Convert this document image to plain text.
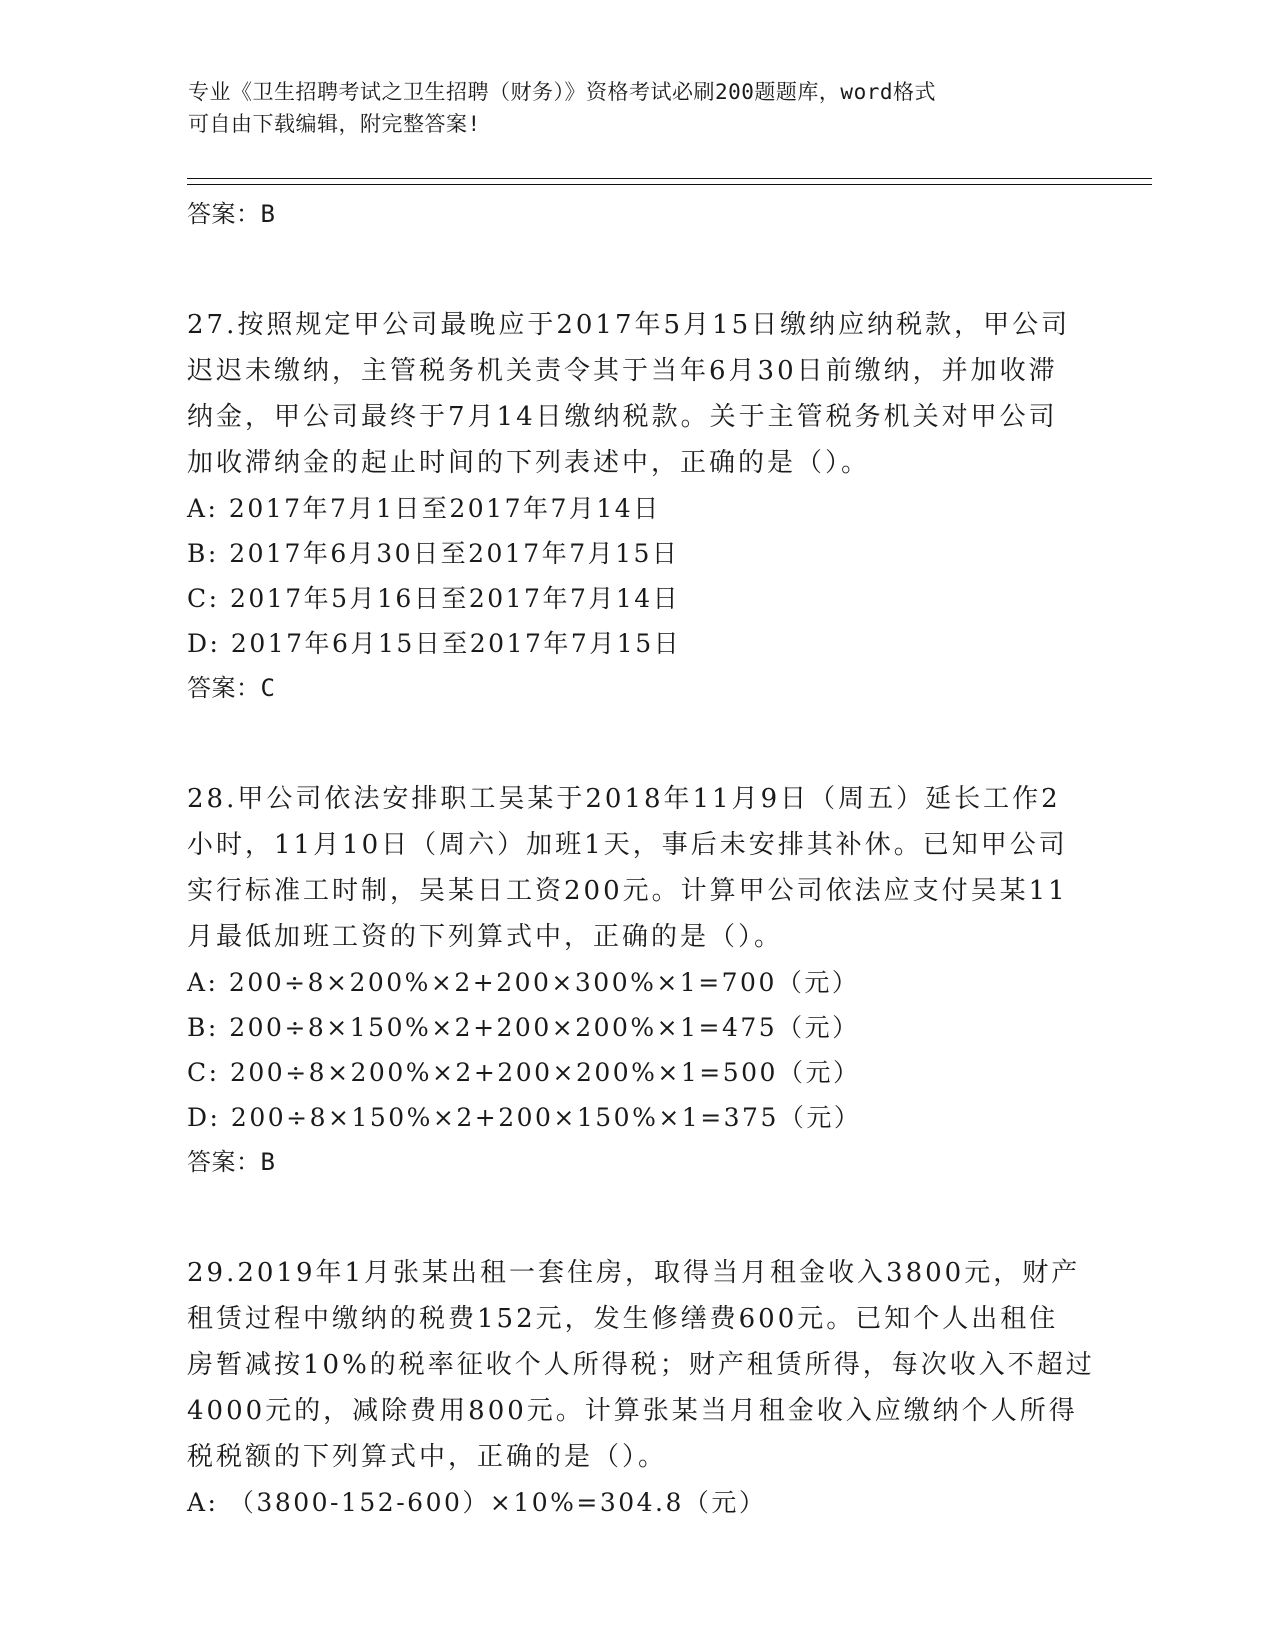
专业《卫生招聘考试之卫生招聘（财务）》资格考试必刷200题题库，word格式
可自由下载编辑，附完整答案!
答案：B
27.按照规定甲公司最晚应于2017年5月15日缴纳应纳税款，甲公司
迟迟未缴纳，主管税务机关责令其于当年6月30日前缴纳，并加收滞
纳金，甲公司最终于7月14日缴纳税款。关于主管税务机关对甲公司
加收滞纳金的起止时间的下列表述中，正确的是（）。
A: 2017年7月1日至2017年7月14日
B: 2017年6月30日至2017年7月15日
C: 2017年5月16日至2017年7月14日
D: 2017年6月15日至2017年7月15日
答案：C
28.甲公司依法安排职工吴某于2018年11月9日（周五）延长工作2
小时，11月10日（周六）加班1天，事后未安排其补休。已知甲公司
实行标准工时制，吴某日工资200元。计算甲公司依法应支付吴某11
月最低加班工资的下列算式中，正确的是（）。
A: 200÷8×200%×2+200×300%×1=700（元）
B: 200÷8×150%×2+200×200%×1=475（元）
C: 200÷8×200%×2+200×200%×1=500（元）
D: 200÷8×150%×2+200×150%×1=375（元）
答案：B
29.2019年1月张某出租一套住房，取得当月租金收入3800元，财产
租赁过程中缴纳的税费152元，发生修缮费600元。已知个人出租住
房暂减按10%的税率征收个人所得税；财产租赁所得，每次收入不超过
4000元的，减除费用800元。计算张某当月租金收入应缴纳个人所得
税税额的下列算式中，正确的是（）。
A: （3800-152-600）×10%=304.8（元）
